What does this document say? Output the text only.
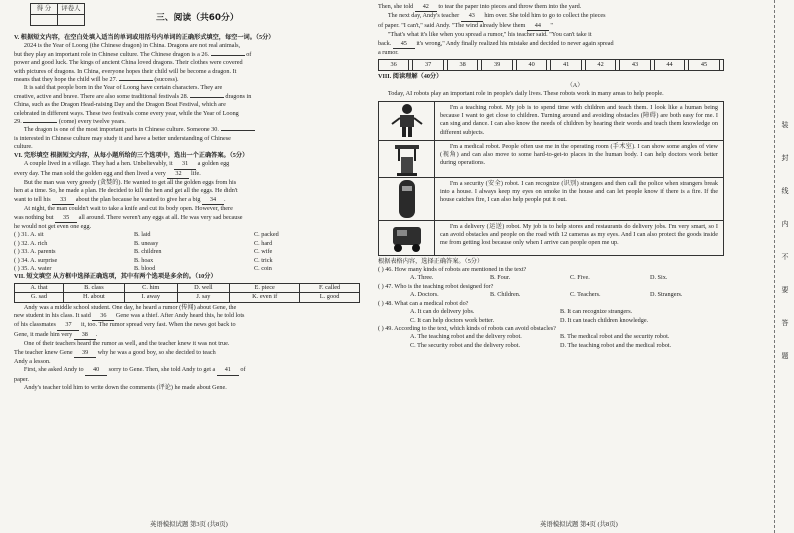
得 分	评卷人

三、阅读（共60分）
V. 根据短文内容，在空白处填入适当的单词或用括号内单词的正确形式填空，每空一词。（5分）
2024 is the Year of Loong (the Chinese dragon) in China. Dragons are not real animals,
but they play an important role in Chinese culture. The Chinese dragon is a 26.	of
power and good luck. The kings of ancient China loved dragons. Their clothes were covered
with pictures of dragons. In China, everyone hopes their child will be become a dragon. It
means that they hope the child will be 27.	(success).
It is said that people born in the Year of Loong have certain characters. They are
creative, active and brave. There are also some traditional festivals 28.	dragons in
China, such as the Dragon Head-raising Day and the Dragon Boat Festival, which are
celebrated in different ways. These two festivals come every year, while the Year of Loong
29.	(come) every twelve years.
The dragon is one of the most important parts in Chinese culture. Someone 30.
is interested in Chinese culture may study it and have a better understanding of Chinese
culture.
VI. 完形填空 根据短文内容，从每小题所给的三个选项中，选出一个正确答案。（5分）
A couple lived in a village. They had a hen. Unbelievably, it 31 a golden egg
every day. The man sold the golden egg and then lived a very 32 life.
But the man was very greedy (贪婪的). He wanted to get all the golden eggs from his
hen at a time. So, he made a plan. He decided to kill the hen and get all the eggs. He didn't
want to tell his 33 about the plan because he wanted to give her a big 34 .
At night, the man couldn't wait to take a knife and cut its body open. However, there
was nothing but 35 all around. There weren't any eggs at all. He was very sad because
he would not get even one egg.
( ) 31. A. sit	B. laid	C. packed
( ) 32. A. rich	B. uneasy	C. hard
( ) 33. A. parents	B. children	C. wife
( ) 34. A. surprise	B. hoax	C. trick
( ) 35. A. water	B. blood	C. coin
VII. 短文填空 从方框中选择正确选项，其中有两个选项是多余的。（10分）
A. that	B. class	C. him	D. well	E. piece	F. called
G. sad	H. about	I. away	J. say	K. even if	L. good
Andy was a middle school student. One day, he heard a rumor (传闻) about Gene, the
new student in his class. It said 36 Gene was a thief. After Andy heard this, he told lots
of his classmates 37 it, too. The rumor spread very fast. When the news got back to
Gene, it made him very 38 .
One of their teachers heard the rumor as well, and the teacher knew it was not true.
The teacher knew Gene 39 why he was a good boy, so she decided to teach
Andy a lesson.
First, she asked Andy to 40 sorry to Gene. Then, she told Andy to get a 41 of
paper.
Andy's teacher told him to write down the comments (评论) he made about Gene.
英语模拟试题 第3页 (共8页)
Then, she told 42 to tear the paper into pieces and throw them into the yard.
The next day, Andy's teacher 43 him over. She told him to go to collect the pieces
of paper. "I can't," said Andy. "The wind already blew them 44 "
"That's what it's like when you spread a rumor," his teacher said. "You can't take it
back. 45 it's wrong," Andy finally realized his mistake and decided to never again spread
a rumor.
36		37		38		39		40		41		42		43		44		45	
VIII. 阅读理解（40分）
（A）
Today, AI robots play an important role in people's daily lives. These robots work in many areas to help people.
I'm a teaching robot. My job is to spend time with children and teach them. I look like a human being because I want to get close to children. Turning around and avoiding obstacles (障碍) are both easy for me. I can sing and dance. I can also know the needs of children by hearing their words and teach them knowledge on different subjects.
I'm a medical robot. People often use me in the operating room (手术室). I can show some angles of view (视角) and can also move to some hard-to-get-to places in the human body. I can help doctors work better during operations.
I'm a security (安全) robot. I can recognize (识别) strangers and then call the police when strangers break into a house. I always keep my eyes on smoke in the house and can let people know if there is a fire. If the house catches fire, I can also help people put it out.
I'm a delivery (运送) robot. My job is to help stores and restaurants do delivery jobs. I'm very smart, so I can avoid obstacles and people on the road with 12 cameras as my eyes. And I can also protect the goods inside me from getting lost because only when I arrive can people open me up.
根据表格内容，选择正确答案。（5分）
( ) 46. How many kinds of robots are mentioned in the text?
A. Three.	B. Four.	C. Five.	D. Six.
( ) 47. Who is the teaching robot designed for?
A. Doctors.	B. Children.	C. Teachers.	D. Strangers.
( ) 48. What can a medical robot do?
A. It can do delivery jobs.	B. It can recognize strangers.
C. It can help doctors work better.	D. It can teach children knowledge.
( ) 49. According to the text, which kinds of robots can avoid obstacles?
A. The teaching robot and the delivery robot.	B. The medical robot and the security robot.
C. The security robot and the delivery robot.	D. The teaching robot and the medical robot.
英语模拟试题 第4页 (共8页)
装
封
线
内
不
要
答
题
